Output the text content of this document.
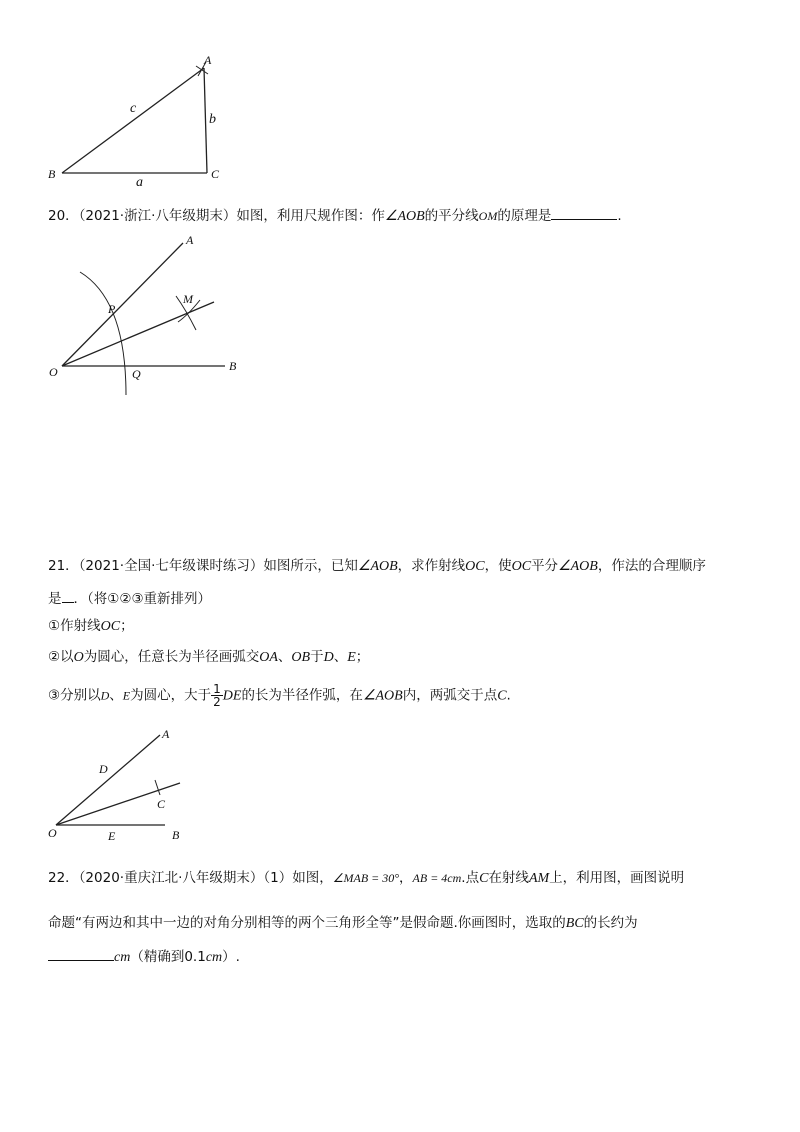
A
B	C
a
b
c
20．（2021·浙江·八年级期末）如图，利用尺规作图：作∠AOB的平分线OM的原理是	.
A
B
O
P
Q
M
21．（2021·全国·七年级课时练习）如图所示，已知∠AOB，求作射线OC，使OC平分∠AOB，作法的合理顺序
是 ．（将①②③重新排列）
①作射线OC；
②以O为圆心，任意长为半径画弧交OA、OB于D、E；
③分别以D、E为圆心，大于 $\frac{1}{2}$ DE的长为半径作弧，在∠AOB内，两弧交于点C.
A
B
C
D
E
O
22．（2020·重庆江北·八年级期末）（1）如图，∠MAB = 30°，AB = 4cm.点C在射线AM上，利用图，画图说明
命题“有两边和其中一边的对角分别相等的两个三角形全等”是假命题.你画图时，选取的BC的长约为
cm（精确到0.1cm）.
